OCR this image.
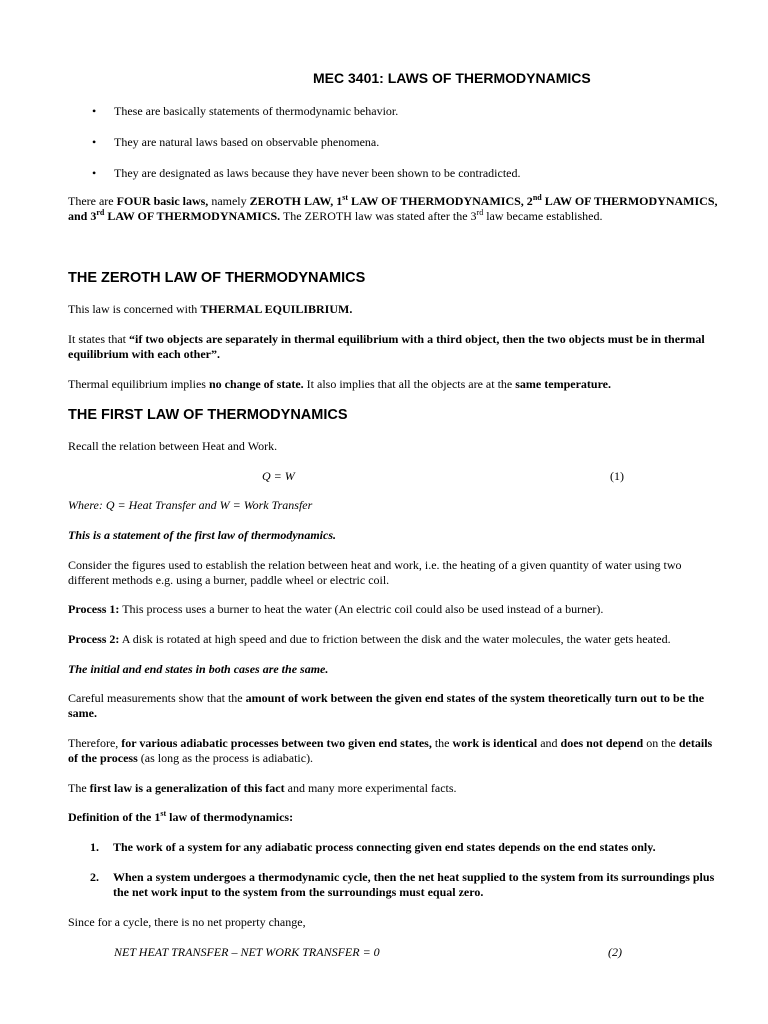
MEC 3401: LAWS OF THERMODYNAMICS
• These are basically statements of thermodynamic behavior.
• They are natural laws based on observable phenomena.
• They are designated as laws because they have never been shown to be contradicted.
There are FOUR basic laws, namely ZEROTH LAW, 1st LAW OF THERMODYNAMICS, 2nd LAW OF THERMODYNAMICS, and 3rd LAW OF THERMODYNAMICS. The ZEROTH law was stated after the 3rd law became established.
THE ZEROTH LAW OF THERMODYNAMICS
This law is concerned with THERMAL EQUILIBRIUM.
It states that “if two objects are separately in thermal equilibrium with a third object, then the two objects must be in thermal equilibrium with each other”.
Thermal equilibrium implies no change of state. It also implies that all the objects are at the same temperature.
THE FIRST LAW OF THERMODYNAMICS
Recall the relation between Heat and Work.
Q = W	(1)
Where: Q = Heat Transfer and W = Work Transfer
This is a statement of the first law of thermodynamics.
Consider the figures used to establish the relation between heat and work, i.e. the heating of a given quantity of water using two different methods e.g. using a burner, paddle wheel or electric coil.
Process 1: This process uses a burner to heat the water (An electric coil could also be used instead of a burner).
Process 2: A disk is rotated at high speed and due to friction between the disk and the water molecules, the water gets heated.
The initial and end states in both cases are the same.
Careful measurements show that the amount of work between the given end states of the system theoretically turn out to be the same.
Therefore, for various adiabatic processes between two given end states, the work is identical and does not depend on the details of the process (as long as the process is adiabatic).
The first law is a generalization of this fact and many more experimental facts.
Definition of the 1st law of thermodynamics:
1. The work of a system for any adiabatic process connecting given end states depends on the end states only.
2. When a system undergoes a thermodynamic cycle, then the net heat supplied to the system from its surroundings plus the net work input to the system from the surroundings must equal zero.
Since for a cycle, there is no net property change,
NET HEAT TRANSFER – NET WORK TRANSFER = 0	(2)
